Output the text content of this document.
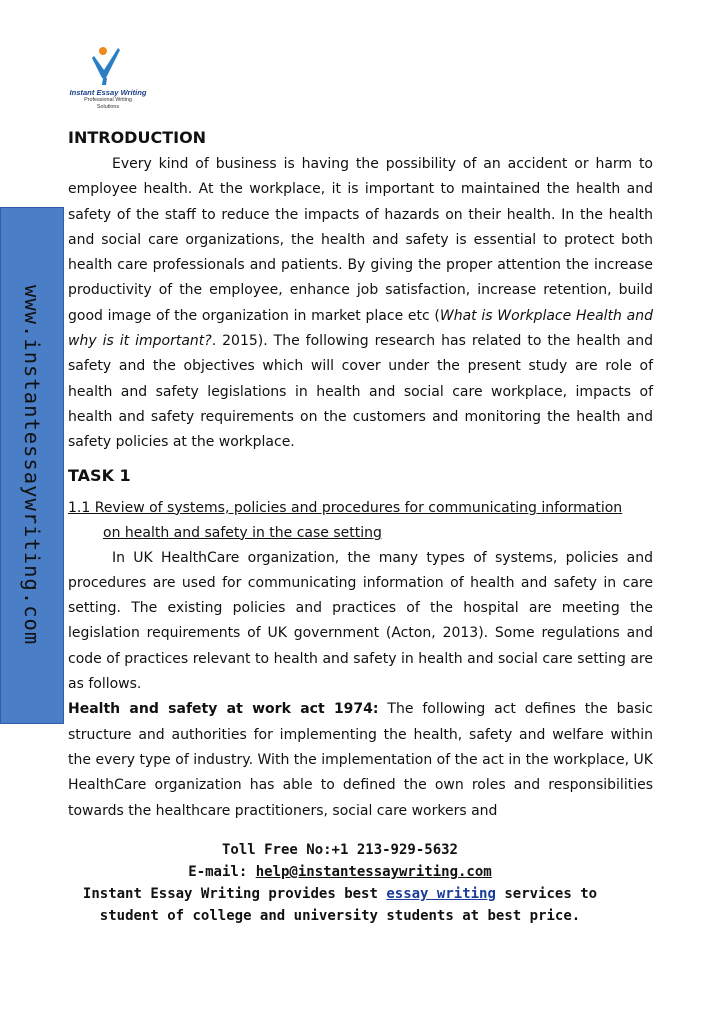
Instant Essay Writing
Professional Writing
Solutions
www.instantessaywriting.com
INTRODUCTION

Every kind of business is having the possibility of an accident or harm to employee health. At the workplace, it is important to maintained the health and safety of the staff to reduce the impacts of hazards on their health. In the health and social care organizations, the health and safety is essential to protect both health care professionals and patients. By giving the proper attention the increase productivity of the employee, enhance job satisfaction, increase retention, build good image of the organization in market place etc (What is Workplace Health and why is it important?. 2015). The following research has related to the health and safety and the objectives which will cover under the present study are role of health and safety legislations in health and social care workplace, impacts of health and safety requirements on the customers and monitoring the health and safety policies at the workplace.

TASK 1

1.1 Review of systems, policies and procedures for communicating information

on health and safety in the case setting

In UK HealthCare organization, the many types of systems, policies and procedures are used for communicating information of health and safety in care setting. The existing policies and practices of the hospital are meeting the legislation requirements of UK government (Acton, 2013). Some regulations and code of practices relevant to health and safety in health and social care setting are as follows.

Health and safety at work act 1974: The following act defines the basic structure and authorities for implementing the health, safety and welfare within the every type of industry. With the implementation of the act in the workplace, UK HealthCare organization has able to defined the own roles and responsibilities towards the healthcare practitioners, social care workers and

Toll Free No:+1 213-929-5632
E-mail: help@instantessaywriting.com
Instant Essay Writing provides best essay writing services to
student of college and university students at best price.
